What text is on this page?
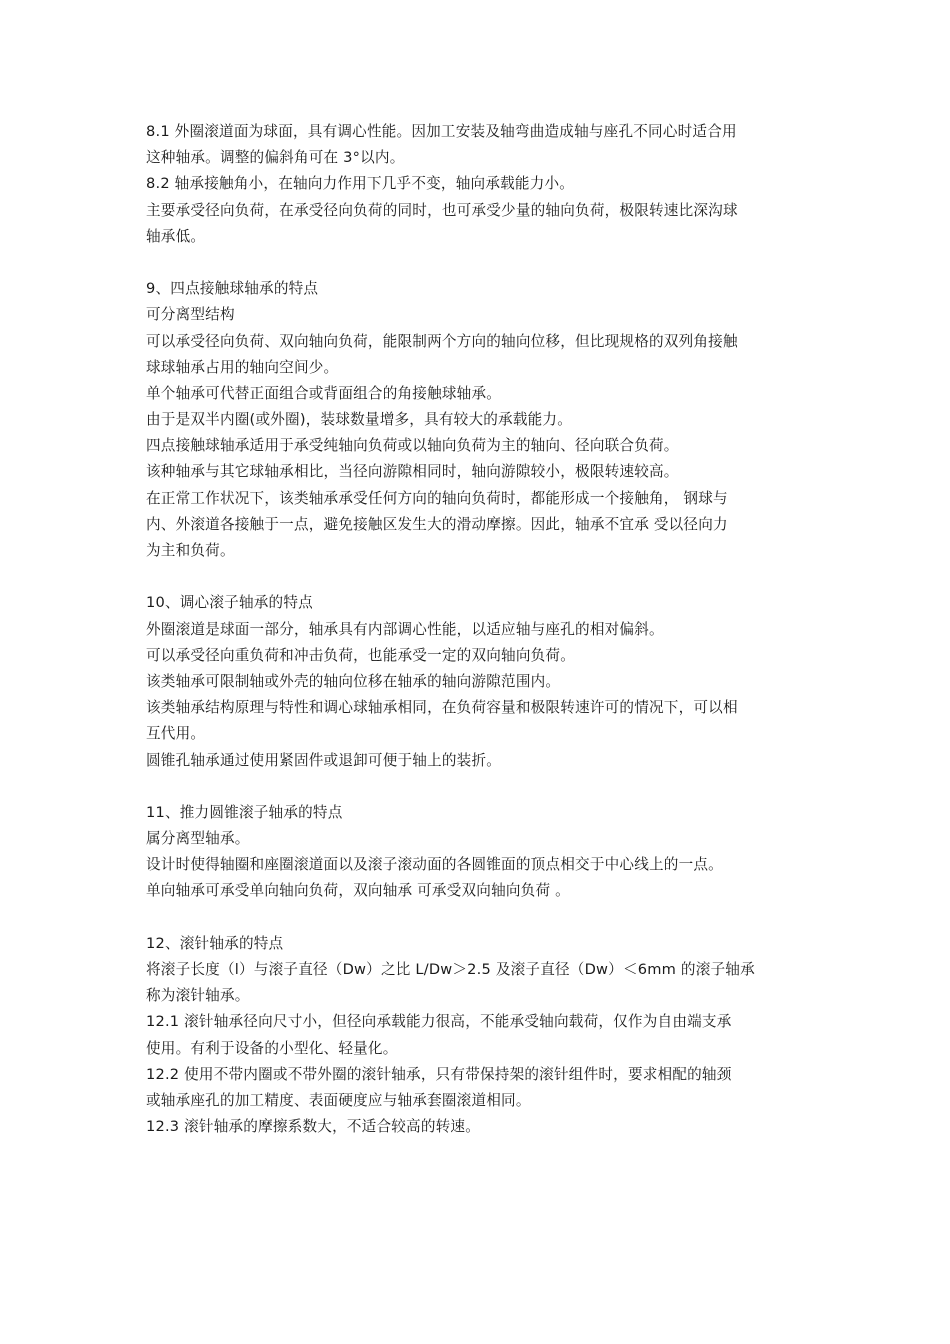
8.1 外圈滚道面为球面，具有调心性能。因加工安装及轴弯曲造成轴与座孔不同心时适合用
这种轴承。调整的偏斜角可在 3°以内。
8.2 轴承接触角小，在轴向力作用下几乎不变，轴向承载能力小。
主要承受径向负荷，在承受径向负荷的同时，也可承受少量的轴向负荷，极限转速比深沟球
轴承低。
9、四点接触球轴承的特点
可分离型结构
可以承受径向负荷、双向轴向负荷，能限制两个方向的轴向位移，但比现规格的双列角接触
球球轴承占用的轴向空间少。
单个轴承可代替正面组合或背面组合的角接触球轴承。
由于是双半内圈(或外圈)，装球数量增多，具有较大的承载能力。
四点接触球轴承适用于承受纯轴向负荷或以轴向负荷为主的轴向、径向联合负荷。
该种轴承与其它球轴承相比，当径向游隙相同时，轴向游隙较小，极限转速较高。
在正常工作状况下，该类轴承承受任何方向的轴向负荷时，都能形成一个接触角， 钢球与
内、外滚道各接触于一点，避免接触区发生大的滑动摩擦。因此，轴承不宜承 受以径向力
为主和负荷。
10、调心滚子轴承的特点
外圈滚道是球面一部分，轴承具有内部调心性能，以适应轴与座孔的相对偏斜。
可以承受径向重负荷和冲击负荷，也能承受一定的双向轴向负荷。
该类轴承可限制轴或外壳的轴向位移在轴承的轴向游隙范围内。
该类轴承结构原理与特性和调心球轴承相同，在负荷容量和极限转速许可的情况下，可以相
互代用。
圆锥孔轴承通过使用紧固件或退卸可便于轴上的装折。
11、推力圆锥滚子轴承的特点
属分离型轴承。
设计时使得轴圈和座圈滚道面以及滚子滚动面的各圆锥面的顶点相交于中心线上的一点。
单向轴承可承受单向轴向负荷，双向轴承 可承受双向轴向负荷 。
12、滚针轴承的特点
将滚子长度（l）与滚子直径（Dw）之比 L/Dw＞2.5 及滚子直径（Dw）＜6mm 的滚子轴承
称为滚针轴承。
12.1 滚针轴承径向尺寸小，但径向承载能力很高，不能承受轴向载荷，仅作为自由端支承
使用。有利于设备的小型化、轻量化。
12.2 使用不带内圈或不带外圈的滚针轴承，只有带保持架的滚针组件时，要求相配的轴颈
或轴承座孔的加工精度、表面硬度应与轴承套圈滚道相同。
12.3 滚针轴承的摩擦系数大，不适合较高的转速。
